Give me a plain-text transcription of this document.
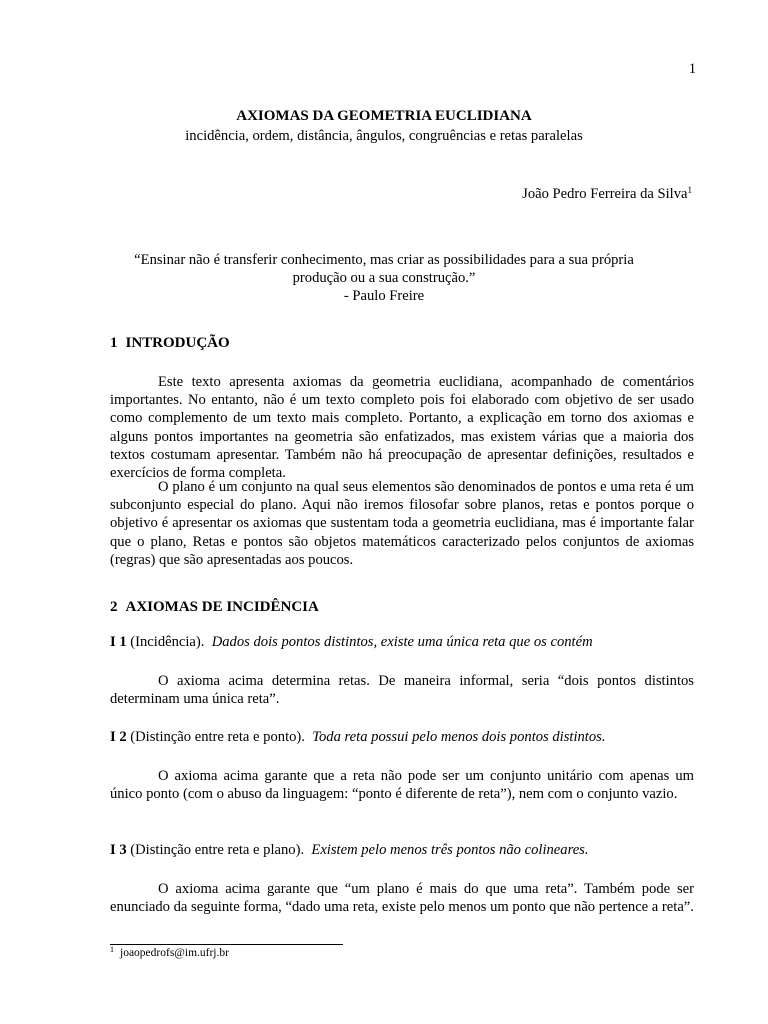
1
AXIOMAS DA GEOMETRIA EUCLIDIANA
incidência, ordem, distância, ângulos, congruências e retas paralelas
João Pedro Ferreira da Silva$^1$
“Ensinar não é transferir conhecimento, mas criar as possibilidades para a sua própria
produção ou a sua construção.”
- Paulo Freire
1 INTRODUÇÃO
Este texto apresenta axiomas da geometria euclidiana, acompanhado de comentários importantes. No entanto, não é um texto completo pois foi elaborado com objetivo de ser usado como complemento de um texto mais completo. Portanto, a explicação em torno dos axiomas e alguns pontos importantes na geometria são enfatizados, mas existem várias que a maioria dos textos costumam apresentar. Também não há preocupação de apresentar definições, resultados e exercícios de forma completa.
O plano é um conjunto na qual seus elementos são denominados de pontos e uma reta é um subconjunto especial do plano. Aqui não iremos filosofar sobre planos, retas e pontos porque o objetivo é apresentar os axiomas que sustentam toda a geometria euclidiana, mas é importante falar que o plano, Retas e pontos são objetos matemáticos caracterizado pelos conjuntos de axiomas (regras) que são apresentadas aos poucos.
2 AXIOMAS DE INCIDÊNCIA
I 1 (Incidência). Dados dois pontos distintos, existe uma única reta que os contém
O axioma acima determina retas. De maneira informal, seria “dois pontos distintos determinam uma única reta”.
I 2 (Distinção entre reta e ponto). Toda reta possui pelo menos dois pontos distintos.
O axioma acima garante que a reta não pode ser um conjunto unitário com apenas um único ponto (com o abuso da linguagem: “ponto é diferente de reta”), nem com o conjunto vazio.
I 3 (Distinção entre reta e plano). Existem pelo menos três pontos não colineares.
O axioma acima garante que “um plano é mais do que uma reta”. Também pode ser enunciado da seguinte forma, “dado uma reta, existe pelo menos um ponto que não pertence a reta”.
$^1$ joaopedrofs@im.ufrj.br
